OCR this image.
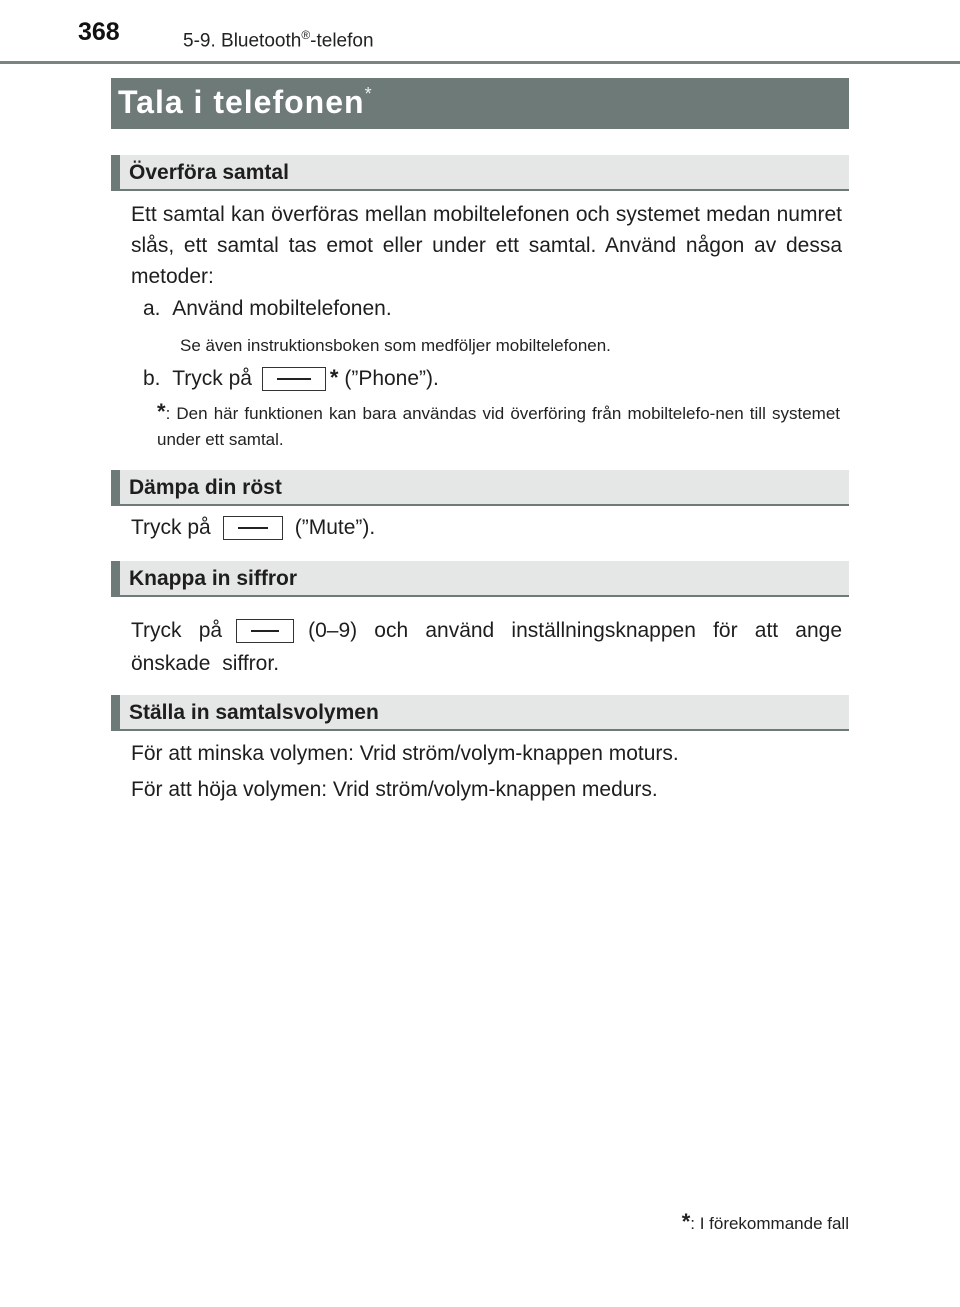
368	5-9. Bluetooth®-telefon
Tala i telefonen*
Överföra samtal
Ett samtal kan överföras mellan mobiltelefonen och systemet medan numret slås, ett samtal tas emot eller under ett samtal. Använd någon av dessa metoder:
a. Använd mobiltelefonen.
Se även instruktionsboken som medföljer mobiltelefonen.
b. Tryck på	* (”Phone”).
*: Den här funktionen kan bara användas vid överföring från mobiltelefo-nen till systemet under ett samtal.
Dämpa din röst
Tryck på	(”Mute”).
Knappa in siffror
Tryck på	(0–9) och använd inställningsknappen för att ange önskade siffror.
Ställa in samtalsvolymen
För att minska volymen: Vrid ström/volym-knappen moturs.
För att höja volymen: Vrid ström/volym-knappen medurs.
*: I förekommande fall
